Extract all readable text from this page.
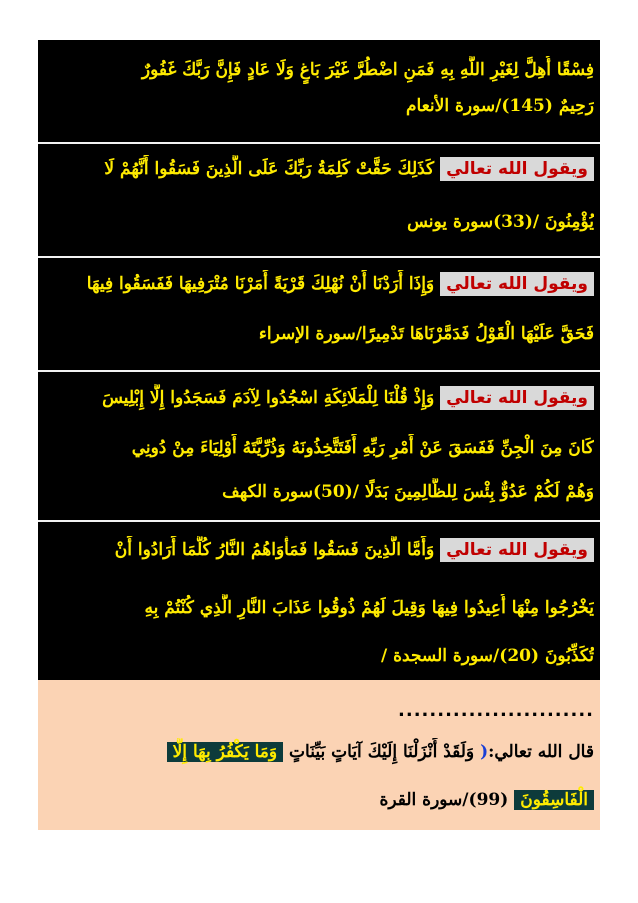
فِسْقًا أُهِلَّ لِغَيْرِ اللَّهِ بِهِ فَمَنِ اضْطُرَّ غَيْرَ بَاغٍ وَلَا عَادٍ فَإِنَّ رَبَّكَ غَفُورٌ
رَحِيمٌ (145)/سورة الأنعام
ويقول الله تعاليكَذَلِكَ حَقَّتْ كَلِمَةُ رَبِّكَ عَلَى الَّذِينَ فَسَقُوا أَنَّهُمْ لَا
يُؤْمِنُونَ /(33)سورة يونس
ويقول الله تعاليوَإِذَا أَرَدْنَا أَنْ نُهْلِكَ قَرْيَةً أَمَرْنَا مُتْرَفِيهَا فَفَسَقُوا فِيهَا
فَحَقَّ عَلَيْهَا الْقَوْلُ فَدَمَّرْنَاهَا تَدْمِيرًا/سورة الإسراء
ويقول الله تعاليوَإِذْ قُلْنَا لِلْمَلَائِكَةِ اسْجُدُوا لِآدَمَ فَسَجَدُوا إِلَّا إِبْلِيسَ
كَانَ مِنَ الْجِنِّ فَفَسَقَ عَنْ أَمْرِ رَبِّهِ أَفَتَتَّخِذُونَهُ وَذُرِّيَّتَهُ أَوْلِيَاءَ مِنْ دُونِي
وَهُمْ لَكُمْ عَدُوٌّ بِئْسَ لِلظَّالِمِينَ بَدَلًا /(50)سورة الكهف
ويقول الله تعاليوَأَمَّا الَّذِينَ فَسَقُوا فَمَأْوَاهُمُ النَّارُ كُلَّمَا أَرَادُوا أَنْ
يَخْرُجُوا مِنْهَا أُعِيدُوا فِيهَا وَقِيلَ لَهُمْ ذُوقُوا عَذَابَ النَّارِ الَّذِي كُنْتُمْ بِهِ
تُكَذِّبُونَ (20)/سورة السجدة /
.........................
قال الله تعالي:( وَلَقَدْ أَنْزَلْنَا إِلَيْكَ آيَاتٍ بَيِّنَاتٍ وَمَا يَكْفُرُ بِهَا إِلَّا
الْفَاسِقُونَ (99)/سورة القرة
